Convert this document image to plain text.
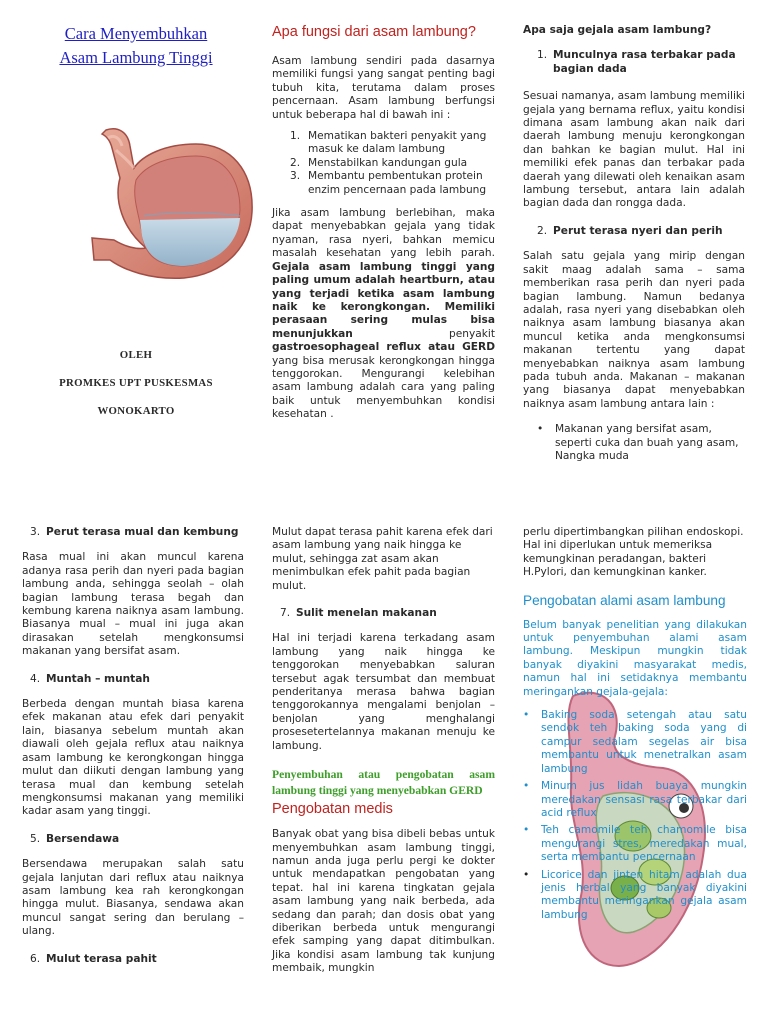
Cara Menyembuhkan
Asam Lambung Tinggi
OLEH
PROMKES UPT PUSKESMAS
WONOKARTO
Apa fungsi dari asam lambung?

Asam lambung sendiri pada dasarnya memiliki fungsi yang sangat penting bagi tubuh kita, terutama dalam proses pencernaan. Asam lambung berfungsi untuk beberapa hal di bawah ini :

1. Mematikan bakteri penyakit yang masuk ke dalam lambung
2. Menstabilkan kandungan gula
3. Membantu pembentukan protein enzim pencernaan pada lambung

Jika asam lambung berlebihan, maka dapat menyebabkan gejala yang tidak nyaman, rasa nyeri, bahkan memicu masalah kesehatan yang lebih parah. Gejala asam lambung tinggi yang paling umum adalah heartburn, atau yang terjadi ketika asam lambung naik ke kerongkongan. Memiliki perasaan sering mulas bisa menunjukkan	penyakit gastroesophageal reflux atau GERD yang bisa merusak kerongkongan hingga tenggorokan. Mengurangi kelebihan asam lambung adalah cara yang paling baik untuk menyembuhkan kondisi kesehatan .

Apa saja gejala asam lambung?
1. Munculnya rasa terbakar pada bagian dada

Sesuai namanya, asam lambung memiliki gejala yang bernama reflux, yaitu kondisi dimana asam lambung akan naik dari daerah lambung menuju kerongkongan dan bahkan ke bagian mulut. Hal ini memiliki efek panas dan terbakar pada daerah yang dilewati oleh kenaikan asam lambung tersebut, antara lain adalah bagian dada dan rongga dada.

2. Perut terasa nyeri dan perih

Salah satu gejala yang mirip dengan sakit maag adalah sama – sama memberikan rasa perih dan nyeri pada bagian lambung. Namun bedanya adalah, rasa nyeri yang disebabkan oleh naiknya asam lambung biasanya akan muncul ketika anda mengkonsumsi makanan tertentu yang dapat menyebabkan naiknya asam lambung pada tubuh anda. Makanan – makanan yang biasanya dapat menyebabkan naiknya asam lambung antara lain :

• Makanan yang bersifat asam, seperti cuka dan buah yang asam, Nangka muda
3. Perut terasa mual dan kembung

Rasa mual ini akan muncul karena adanya rasa perih dan nyeri pada bagian lambung anda, sehingga seolah – olah bagian lambung terasa begah dan kembung karena naiknya asam lambung. Biasanya mual – mual ini juga akan dirasakan setelah mengkonsumsi makanan yang bersifat asam.

4. Muntah – muntah

Berbeda dengan muntah biasa karena efek makanan atau efek dari penyakit lain, biasanya sebelum muntah akan diawali oleh gejala reflux atau naiknya asam lambung ke kerongkongan hingga mulut dan diikuti dengan lambung yang terasa mual dan kembung setelah mengkonsumsi makanan yang memiliki kadar asam yang tinggi.

5. Bersendawa

Bersendawa merupakan salah satu gejala lanjutan dari reflux atau naiknya asam lambung kea rah kerongkongan hingga mulut. Biasanya, sendawa akan muncul sangat sering dan berulang – ulang.

6. Mulut terasa pahit

Mulut dapat terasa pahit karena efek dari asam lambung yang naik hingga ke mulut, sehingga zat asam akan menimbulkan efek pahit pada bagian mulut.

7. Sulit menelan makanan

Hal ini terjadi karena terkadang asam lambung yang naik hingga ke tenggorokan menyebabkan saluran tersebut agak tersumbat dan membuat penderitanya merasa bahwa bagian tenggorokannya mengalami benjolan – benjolan yang menghalangi prosesetertelannya makanan menuju ke lambung.

Penyembuhan atau pengobatan asam lambung tinggi yang menyebabkan GERD
Pengobatan medis

Banyak obat yang bisa dibeli bebas untuk menyembuhkan asam lambung tinggi, namun anda juga perlu pergi ke dokter untuk mendapatkan pengobatan yang tepat. hal ini karena tingkatan gejala asam lambung yang naik berbeda, ada sedang dan parah; dan dosis obat yang diberikan berbeda untuk mengurangi efek samping yang dapat ditimbulkan. Jika kondisi asam lambung tak kunjung membaik, mungkin

perlu dipertimbangkan pilihan endoskopi. Hal ini diperlukan untuk memeriksa kemungkinan peradangan, bakteri H.Pylori, dan kemungkinan kanker.

Pengobatan alami asam lambung

Belum banyak penelitian yang dilakukan untuk penyembuhan alami asam lambung. Meskipun mungkin tidak banyak diyakini masyarakat medis, namun hal ini setidaknya membantu meringankan gejala-gejala:

• Baking soda setengah atau satu sendok teh baking soda yang di campur sedalam segelas air bisa membantu untuk menetralkan asam lambung
• Minum jus lidah buaya mungkin meredakan sensasi rasa terbakar dari acid reflux
• Teh camomile teh chamomile bisa mengurangi stres, meredakan mual, serta membantu pencernaan
• Licorice dan jinten hitam adalah dua jenis herbal yang banyak diyakini membantu meringankan gejala asam lambung
